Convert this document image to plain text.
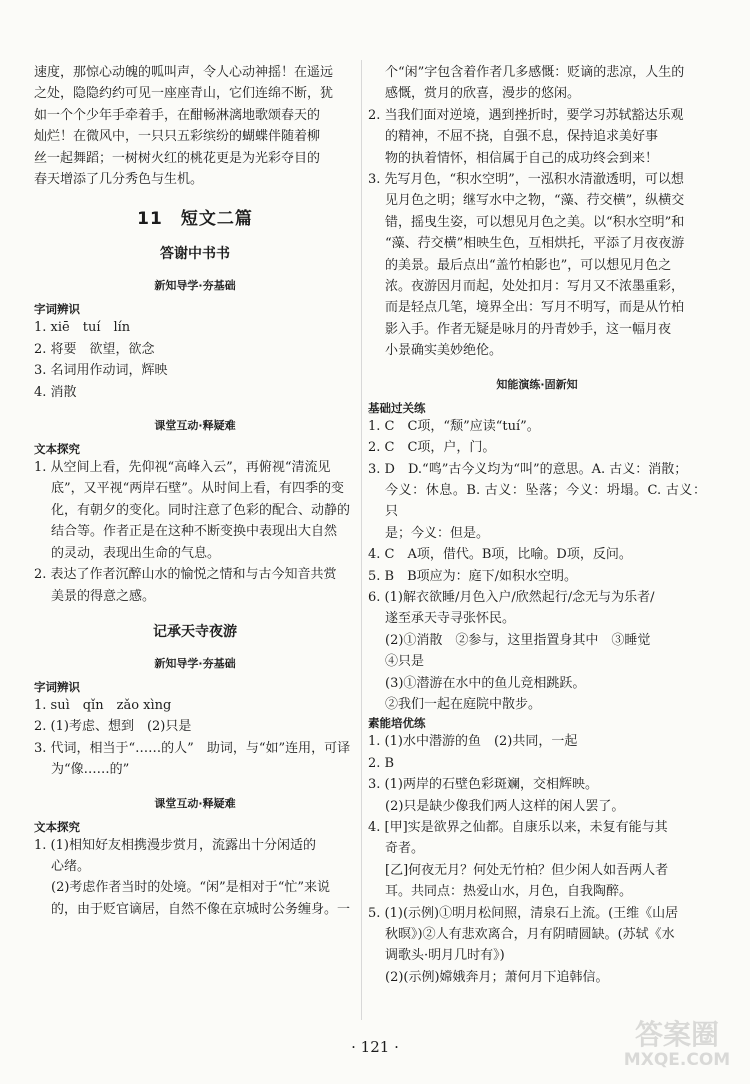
速度，那惊心动魄的呱叫声，令人心动神摇！在遥远

之处，隐隐约约可见一座座青山，它们连绵不断，犹

如一个个少年手牵着手，在酣畅淋漓地歌颂春天的

灿烂！在微风中，一只只五彩缤纷的蝴蝶伴随着柳

丝一起舞蹈；一树树火红的桃花更是为光彩夺目的

春天增添了几分秀色与生机。

11　短文二篇
答谢中书书
新知导学·夯基础
字词辨识

1. xiē　tuí　lín

2. 将要　欲望，欲念

3. 名词用作动词，辉映

4. 消散

课堂互动·释疑难
文本探究

1. 从空间上看，先仰视“高峰入云”，再俯视“清流见

底”，又平视“两岸石壁”。从时间上看，有四季的变

化，有朝夕的变化。同时注意了色彩的配合、动静的

结合等。作者正是在这种不断变换中表现出大自然

的灵动，表现出生命的气息。

2. 表达了作者沉醉山水的愉悦之情和与古今知音共赏

美景的得意之感。

记承天寺夜游
新知导学·夯基础
字词辨识

1. suì　qǐn　zǎo xìng

2. (1)考虑、想到　(2)只是

3. 代词，相当于“……的人”　助词，与“如”连用，可译

为“像……的”

课堂互动·释疑难
文本探究

1. (1)相知好友相携漫步赏月，流露出十分闲适的

心绪。

(2)考虑作者当时的处境。“闲”是相对于“忙”来说

的，由于贬官谪居，自然不像在京城时公务缠身。一

个“闲”字包含着作者几多感慨：贬谪的悲凉，人生的

感慨，赏月的欣喜，漫步的悠闲。

2. 当我们面对逆境，遇到挫折时，要学习苏轼豁达乐观

的精神，不屈不挠，自强不息，保持追求美好事

物的执着情怀，相信属于自己的成功终会到来！

3. 先写月色，“积水空明”，一泓积水清澈透明，可以想

见月色之明；继写水中之物，“藻、荇交横”，纵横交

错，摇曳生姿，可以想见月色之美。以“积水空明”和

“藻、荇交横”相映生色，互相烘托，平添了月夜夜游

的美景。最后点出“盖竹柏影也”，可以想见月色之

浓。夜游因月而起，处处扣月：写月又不浓墨重彩，

而是轻点几笔，境界全出：写月不明写，而是从竹柏

影入手。作者无疑是咏月的丹青妙手，这一幅月夜

小景确实美妙绝伦。

知能演练·固新知
基础过关练

1. C　C项，“颓”应读“tuí”。

2. C　C项，户，门。

3. D　D.“鸣”古今义均为“叫”的意思。A. 古义：消散；

今义：休息。B. 古义：坠落；今义：坍塌。C. 古义：只

是；今义：但是。

4. C　A项，借代。B项，比喻。D项，反问。

5. B　B项应为：庭下/如积水空明。

6. (1)解衣欲睡/月色入户/欣然起行/念无与为乐者/

遂至承天寺寻张怀民。

(2)①消散　②参与，这里指置身其中　③睡觉

④只是

(3)①潜游在水中的鱼儿竞相跳跃。

②我们一起在庭院中散步。

素能培优练

1. (1)水中潜游的鱼　(2)共同，一起

2. B

3. (1)两岸的石壁色彩斑斓，交相辉映。

(2)只是缺少像我们两人这样的闲人罢了。

4. [甲]实是欲界之仙都。自康乐以来，未复有能与其

奇者。

[乙]何夜无月？何处无竹柏？但少闲人如吾两人者

耳。共同点：热爱山水，月色，自我陶醉。

5. (1)(示例)①明月松间照，清泉石上流。(王维《山居

秋暝》)②人有悲欢离合，月有阴晴圆缺。(苏轼《水

调歌头·明月几时有》)

(2)(示例)嫦娥奔月；萧何月下追韩信。

· 121 ·	答案圈
MXQE.COM
